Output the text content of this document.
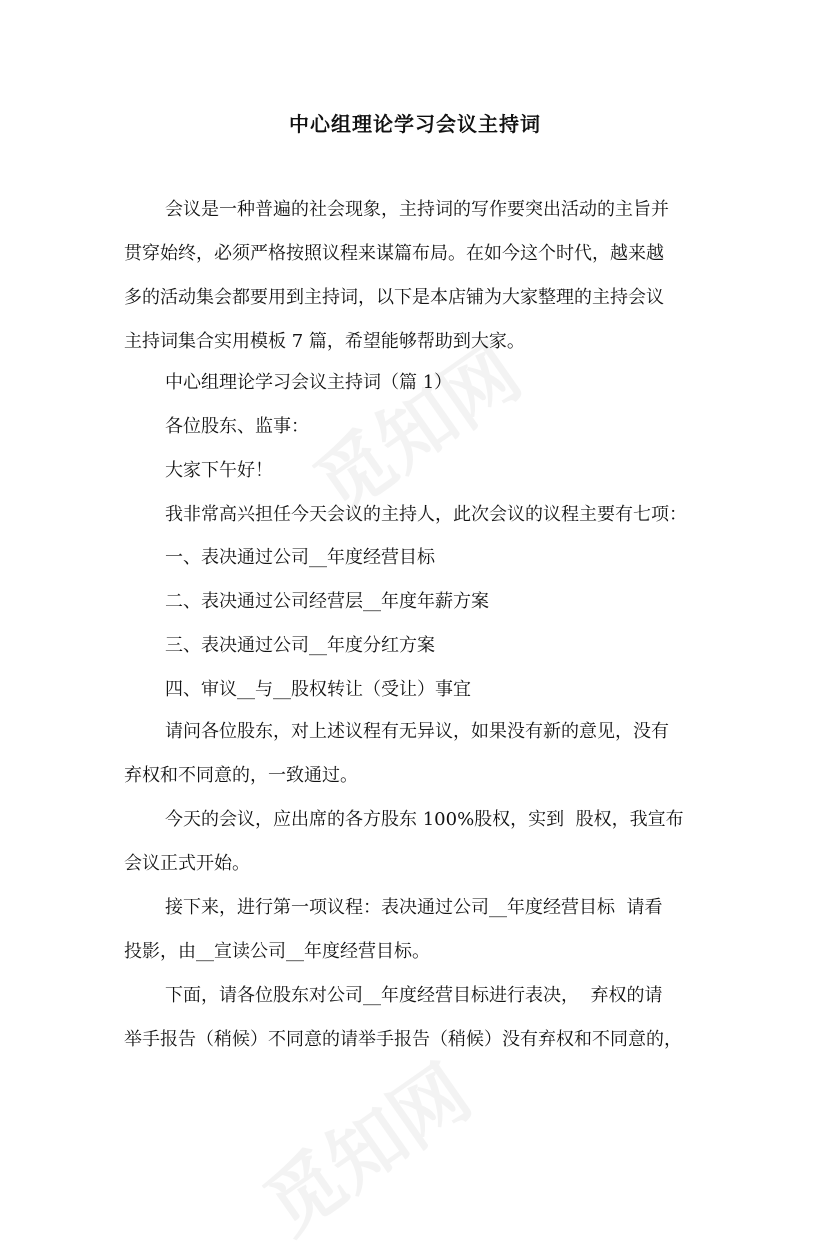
中心组理论学习会议主持词
会议是一种普遍的社会现象，主持词的写作要突出活动的主旨并
贯穿始终，必须严格按照议程来谋篇布局。在如今这个时代，越来越
多的活动集会都要用到主持词，以下是本店铺为大家整理的主持会议
主持词集合实用模板 7 篇，希望能够帮助到大家。
中心组理论学习会议主持词（篇 1）
各位股东、监事：
大家下午好！
我非常高兴担任今天会议的主持人，此次会议的议程主要有七项：
一、表决通过公司__年度经营目标
二、表决通过公司经营层__年度年薪方案
三、表决通过公司__年度分红方案
四、审议__与__股权转让（受让）事宜
请问各位股东，对上述议程有无异议，如果没有新的意见，没有
弃权和不同意的，一致通过。
今天的会议，应出席的各方股东 100%股权，实到  股权，我宣布
会议正式开始。
接下来，进行第一项议程：表决通过公司__年度经营目标  请看
投影，由__宣读公司__年度经营目标。
下面，请各位股东对公司__年度经营目标进行表决，  弃权的请
举手报告（稍候）不同意的请举手报告（稍候）没有弃权和不同意的，
